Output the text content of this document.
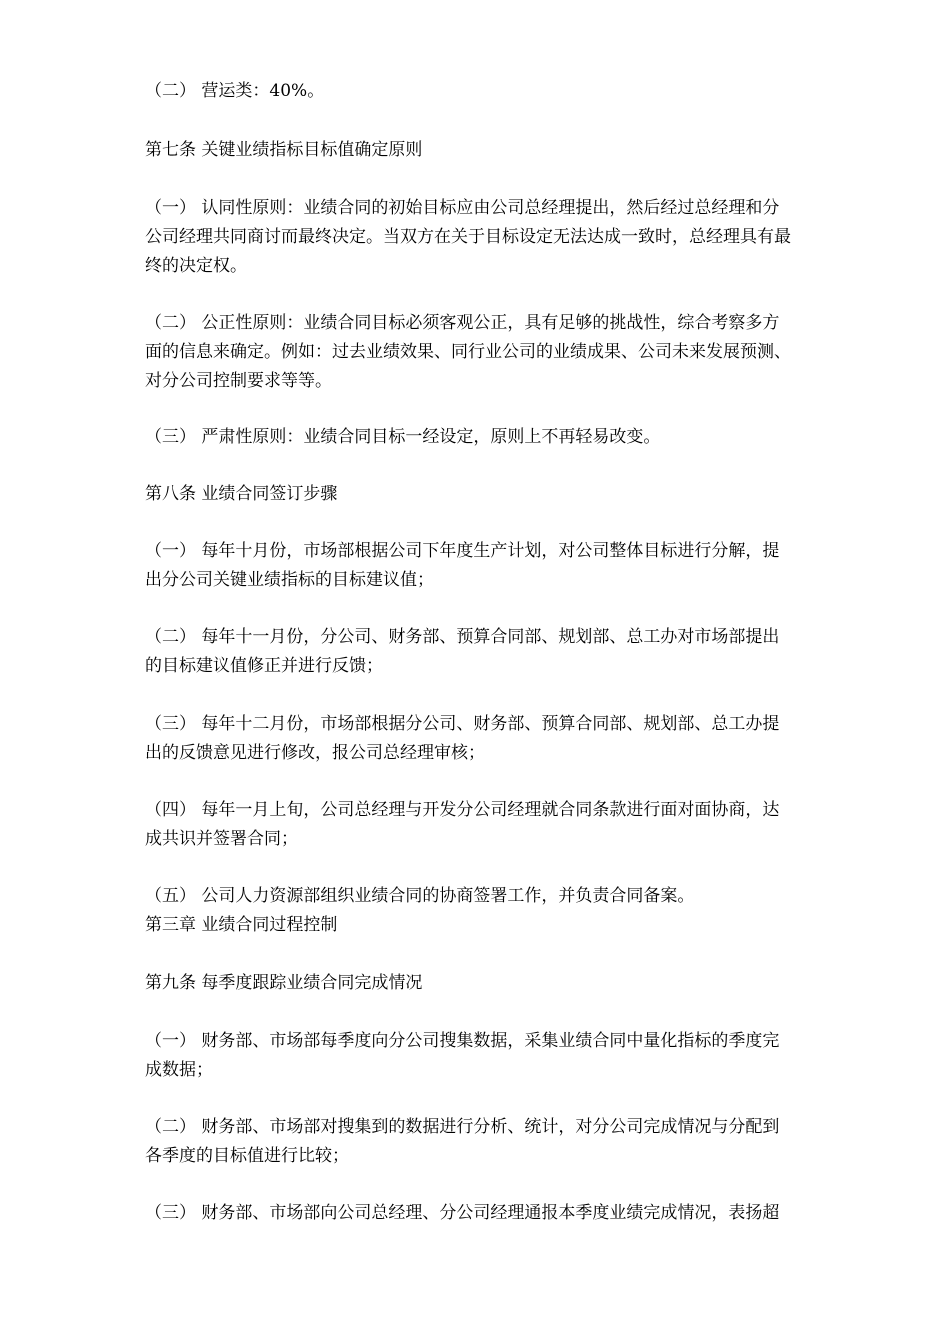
（二） 营运类：40%。
第七条 关键业绩指标目标值确定原则
（一） 认同性原则：业绩合同的初始目标应由公司总经理提出，然后经过总经理和分
公司经理共同商讨而最终决定。当双方在关于目标设定无法达成一致时，总经理具有最
终的决定权。
（二） 公正性原则：业绩合同目标必须客观公正，具有足够的挑战性，综合考察多方
面的信息来确定。例如：过去业绩效果、同行业公司的业绩成果、公司未来发展预测、
对分公司控制要求等等。
（三） 严肃性原则：业绩合同目标一经设定，原则上不再轻易改变。
第八条 业绩合同签订步骤
（一） 每年十月份，市场部根据公司下年度生产计划，对公司整体目标进行分解，提
出分公司关键业绩指标的目标建议值；
（二） 每年十一月份，分公司、财务部、预算合同部、规划部、总工办对市场部提出
的目标建议值修正并进行反馈；
（三） 每年十二月份，市场部根据分公司、财务部、预算合同部、规划部、总工办提
出的反馈意见进行修改，报公司总经理审核；
（四） 每年一月上旬，公司总经理与开发分公司经理就合同条款进行面对面协商，达
成共识并签署合同；
（五） 公司人力资源部组织业绩合同的协商签署工作，并负责合同备案。
第三章 业绩合同过程控制
第九条 每季度跟踪业绩合同完成情况
（一） 财务部、市场部每季度向分公司搜集数据，采集业绩合同中量化指标的季度完
成数据；
（二） 财务部、市场部对搜集到的数据进行分析、统计，对分公司完成情况与分配到
各季度的目标值进行比较；
（三） 财务部、市场部向公司总经理、分公司经理通报本季度业绩完成情况，表扬超
